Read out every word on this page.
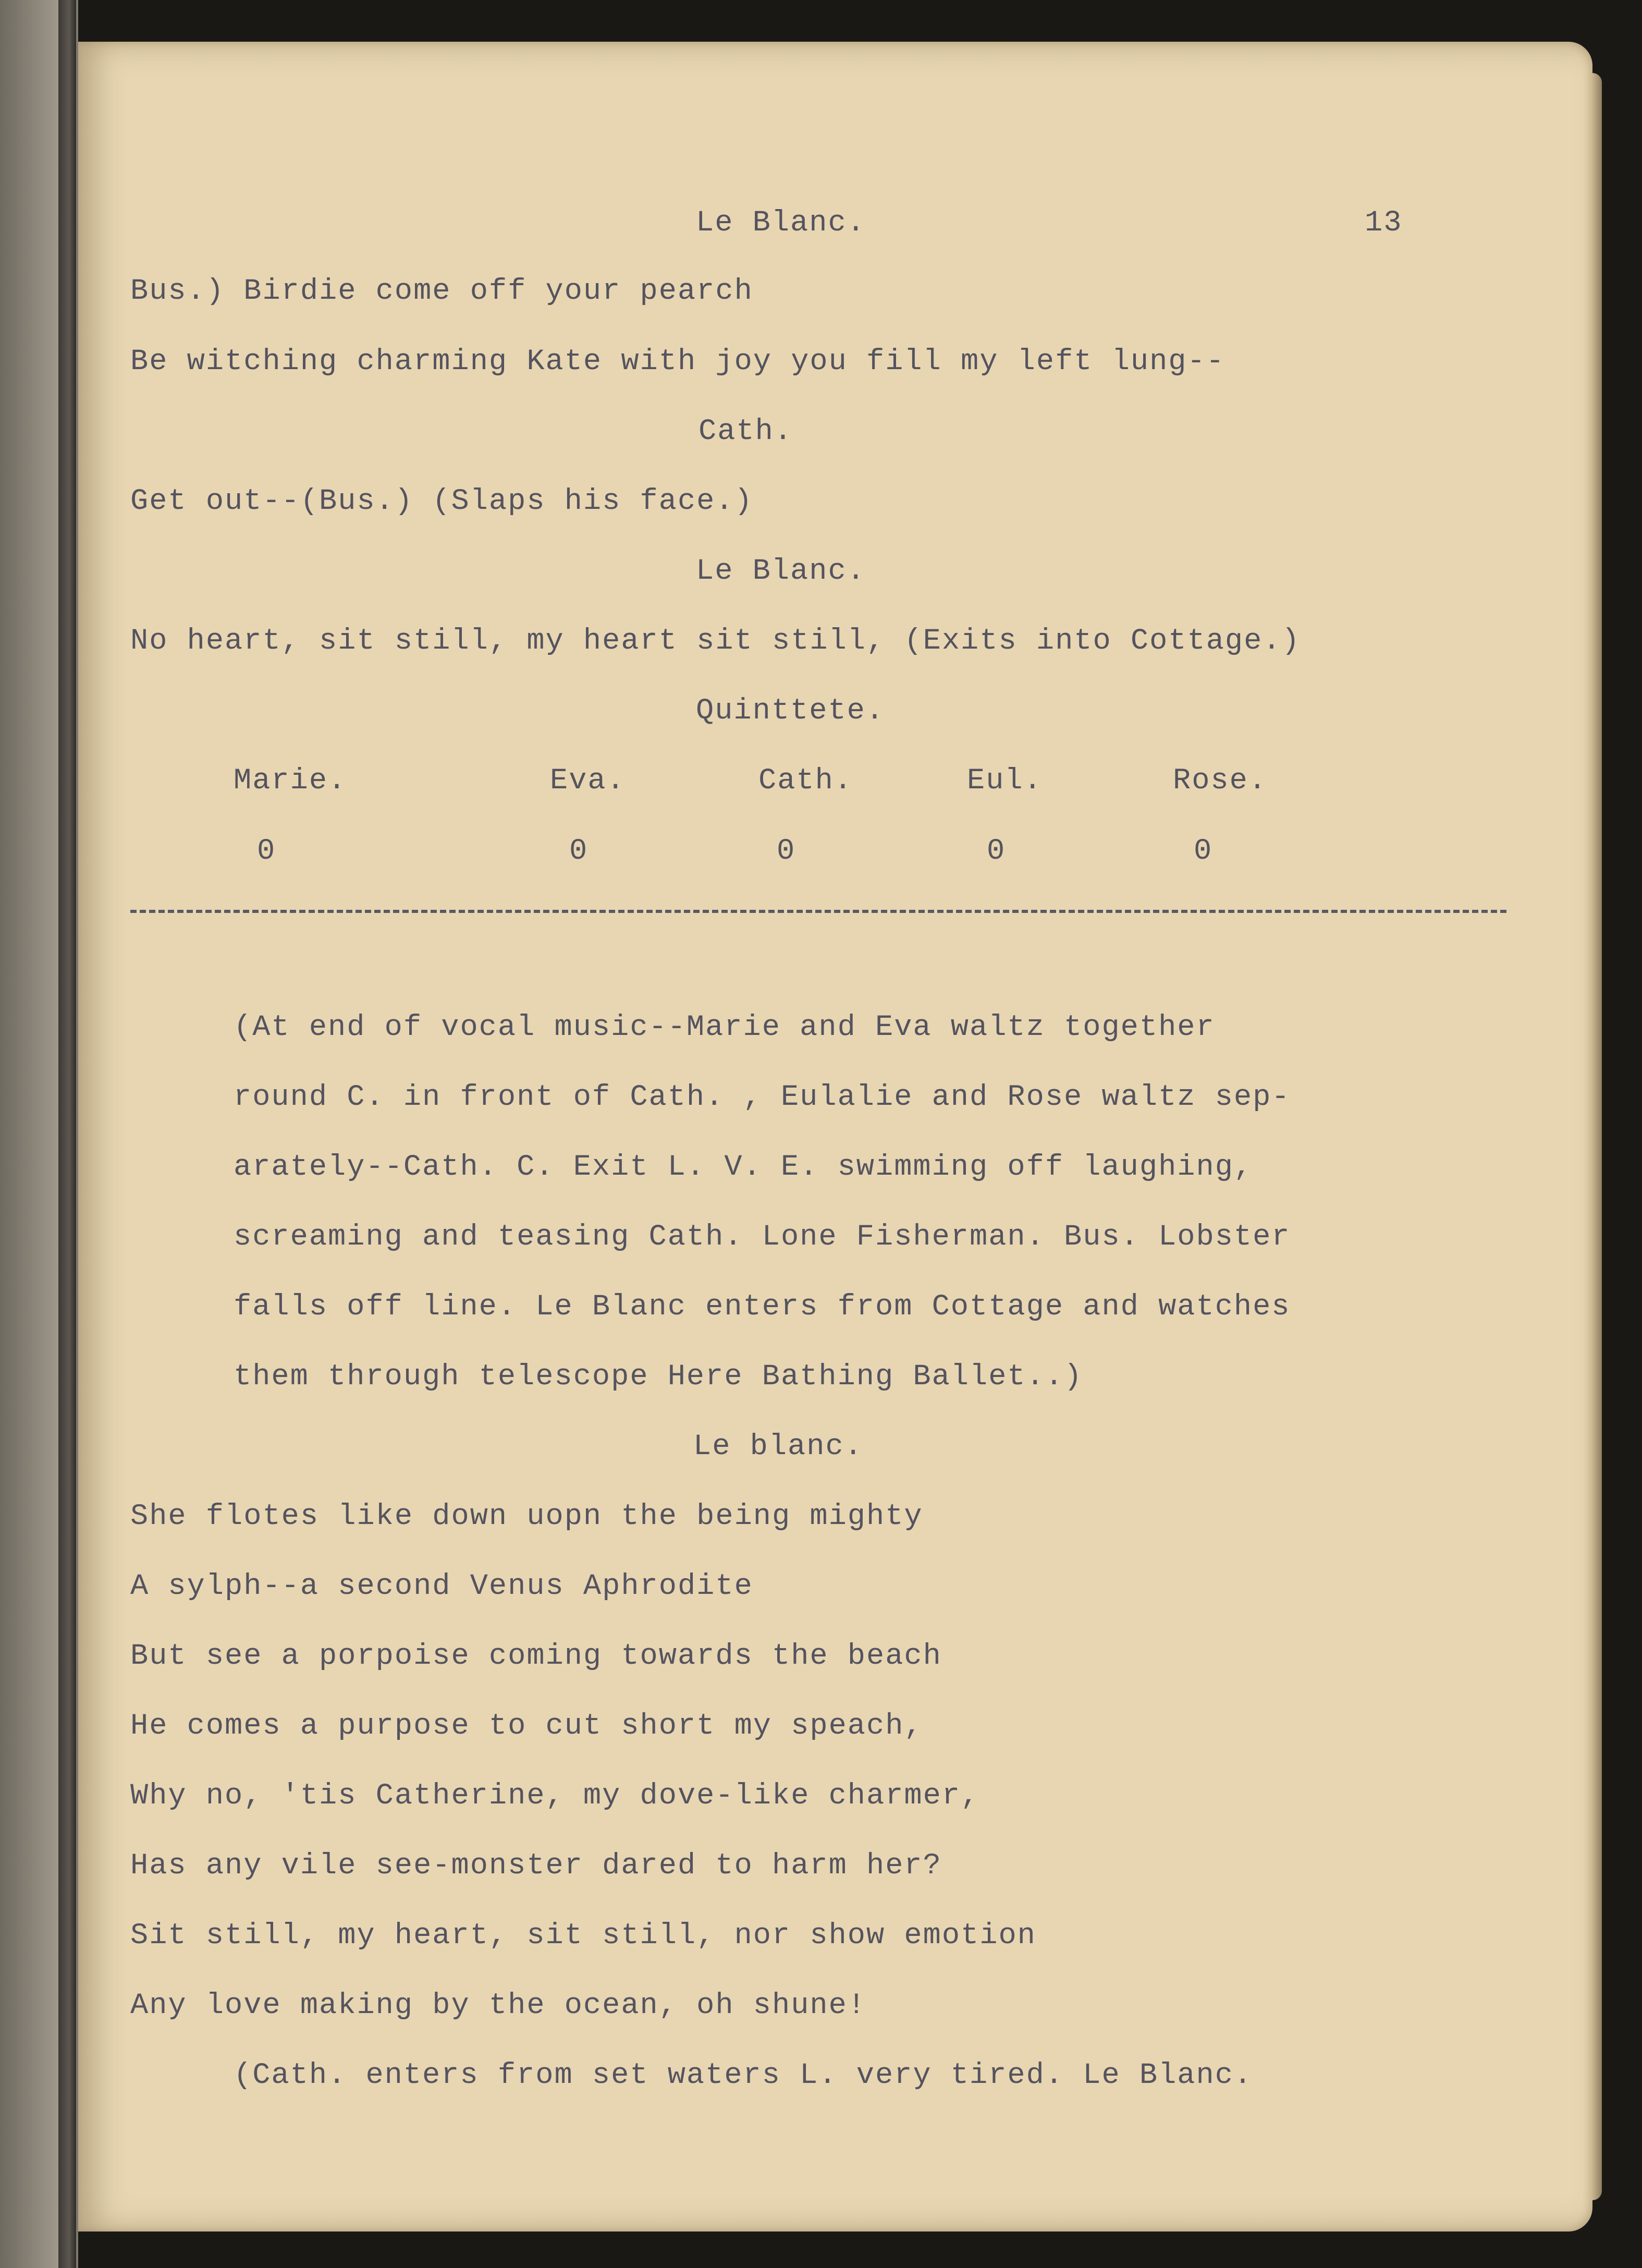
Le Blanc.	13

Bus.) Birdie come off your pearch

Be witching charming Kate with joy you fill my left lung--

Cath.

Get out--(Bus.) (Slaps his face.)

Le Blanc.

No heart, sit still, my heart sit still, (Exits into Cottage.)

Quinttete.

Marie.	Eva.	Cath.	Eul.	Rose.

0	0	0	0	0

(At end of vocal music--Marie and Eva waltz together

round C. in front of Cath. , Eulalie and Rose waltz sep-

arately--Cath. C. Exit L. V. E. swimming off laughing,

screaming and teasing Cath. Lone Fisherman. Bus. Lobster

falls off line. Le Blanc enters from Cottage and watches

them through telescope Here Bathing Ballet..)

Le blanc.

She flotes like down uopn the being mighty

A sylph--a second Venus Aphrodite

But see a porpoise coming towards the beach

He comes a purpose to cut short my speach,

Why no, 'tis Catherine, my dove-like charmer,

Has any vile see-monster dared to harm her?

Sit still, my heart, sit still, nor show emotion

Any love making by the ocean, oh shune!

(Cath. enters from set waters L. very tired. Le Blanc.
